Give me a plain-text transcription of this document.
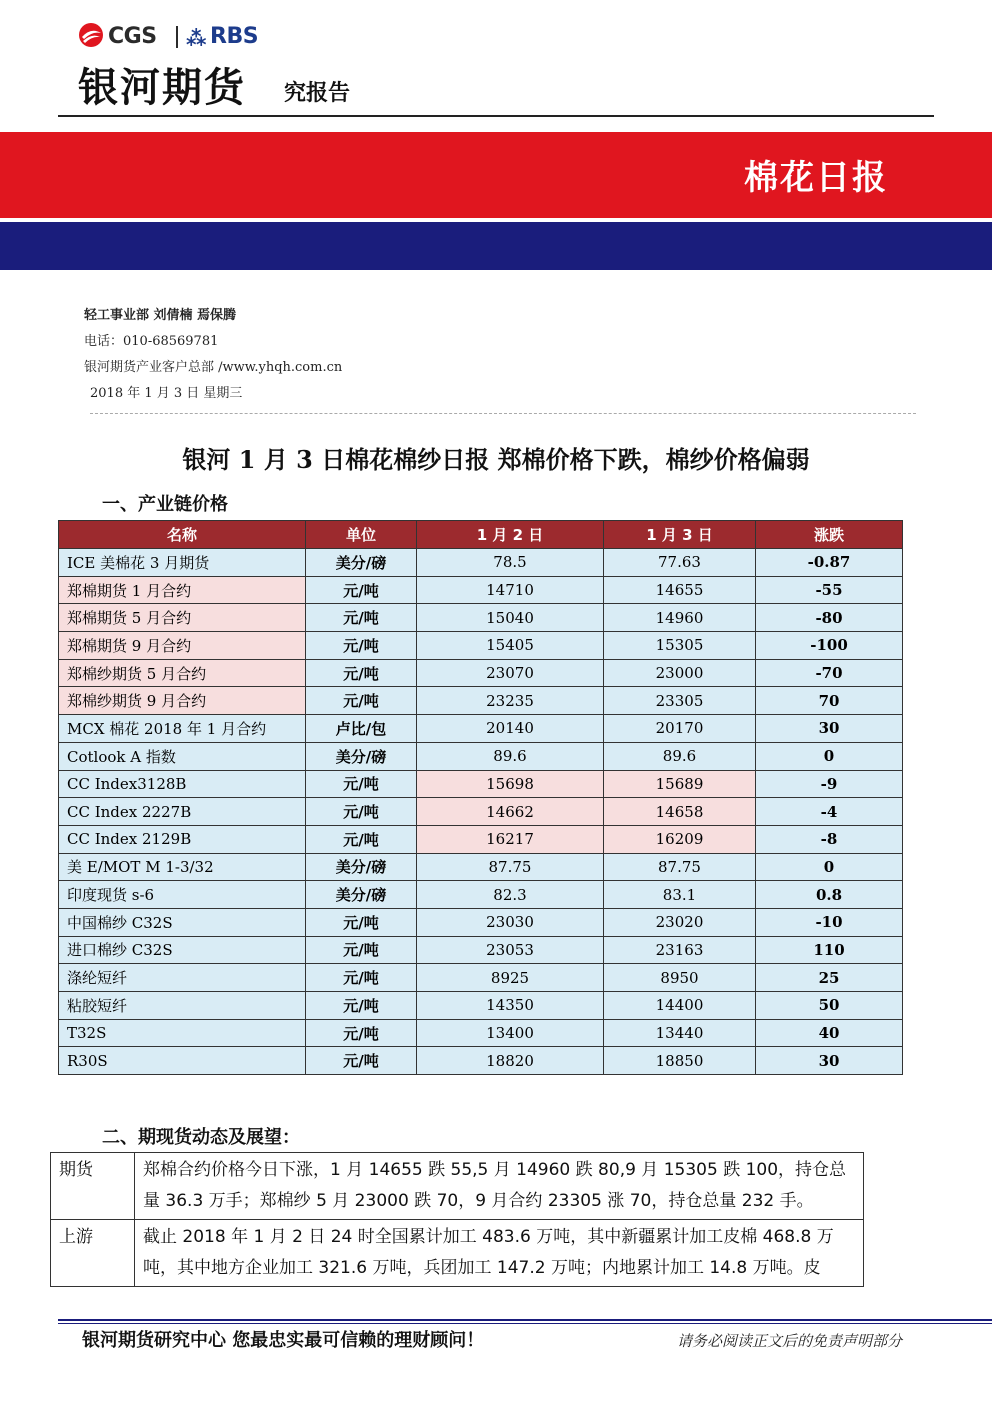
CGS ⁂ RBS
银河期货 究报告
棉花日报
轻工事业部 刘倩楠 焉保腾
电话：010-68569781
银河期货产业客户总部 /www.yhqh.com.cn
2018 年 1 月 3 日 星期三
银河 1 月 3 日棉花棉纱日报 郑棉价格下跌，棉纱价格偏弱
一、产业链价格
名称	单位	1 月 2 日	1 月 3 日	涨跌
ICE 美棉花 3 月期货	美分/磅	78.5	77.63	-0.87
郑棉期货 1 月合约	元/吨	14710	14655	-55
郑棉期货 5 月合约	元/吨	15040	14960	-80
郑棉期货 9 月合约	元/吨	15405	15305	-100
郑棉纱期货 5 月合约	元/吨	23070	23000	-70
郑棉纱期货 9 月合约	元/吨	23235	23305	70
MCX 棉花 2018 年 1 月合约	卢比/包	20140	20170	30
Cotlook A 指数	美分/磅	89.6	89.6	0
CC Index3128B	元/吨	15698	15689	-9
CC Index 2227B	元/吨	14662	14658	-4
CC Index 2129B	元/吨	16217	16209	-8
美 E/MOT M 1-3/32	美分/磅	87.75	87.75	0
印度现货 s-6	美分/磅	82.3	83.1	0.8
中国棉纱 C32S	元/吨	23030	23020	-10
进口棉纱 C32S	元/吨	23053	23163	110
涤纶短纤	元/吨	8925	8950	25
粘胶短纤	元/吨	14350	14400	50
T32S	元/吨	13400	13440	40
R30S	元/吨	18820	18850	30
二、期现货动态及展望：
期货	郑棉合约价格今日下涨，1 月 14655 跌 55,5 月 14960 跌 80,9 月 15305 跌 100，持仓总量 36.3 万手；郑棉纱 5 月 23000 跌 70，9 月合约 23305 涨 70，持仓总量 232 手。
上游	截止 2018 年 1 月 2 日 24 时全国累计加工 483.6 万吨，其中新疆累计加工皮棉 468.8 万吨，其中地方企业加工 321.6 万吨，兵团加工 147.2 万吨；内地累计加工 14.8 万吨。皮
银河期货研究中心 您最忠实最可信赖的理财顾问！	请务必阅读正文后的免责声明部分
